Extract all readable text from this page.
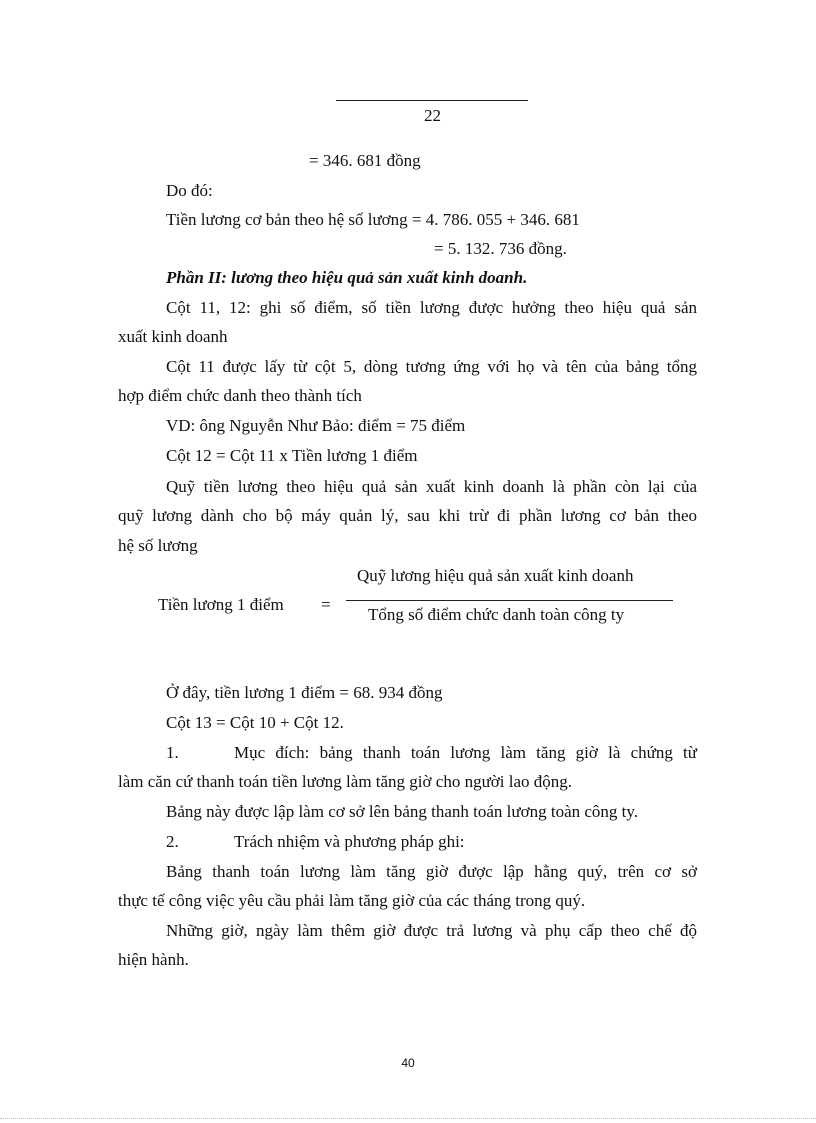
22
= 346. 681 đồng
Do đó:
Tiền lương cơ bản theo hệ số lương = 4. 786. 055 + 346. 681
= 5. 132. 736 đồng.
Phần II: lương theo hiệu quả sản xuất kinh doanh.
Cột 11, 12: ghi số điểm, số tiền lương được hưởng theo hiệu quả sản
xuất kinh doanh
Cột 11 được lấy từ cột 5, dòng tương ứng với họ và tên của bảng tổng
hợp điểm chức danh theo thành tích
VD: ông Nguyễn Như Bảo: điểm = 75 điểm
Cột 12 = Cột 11 x Tiền lương 1 điểm
Quỹ tiền lương theo hiệu quả sản xuất kinh doanh là phần còn lại của
quỹ lương dành cho bộ máy quản lý, sau khi trừ đi phần lương cơ bản theo
hệ số lương
Quỹ lương hiệu quả sản xuất kinh doanh
Tiền lương 1 điểm =
Tổng số điểm chức danh toàn công ty
Ở đây, tiền lương 1 điểm = 68. 934 đồng
Cột 13 = Cột 10 + Cột 12.
1.	Mục đích: bảng thanh toán lương làm tăng giờ là chứng từ
làm căn cứ thanh toán tiền lương làm tăng giờ cho người lao động.
Bảng này được lập làm cơ sở lên bảng thanh toán lương toàn công ty.
2.	Trách nhiệm và phương pháp ghi:
Bảng thanh toán lương làm tăng giờ được lập hằng quý, trên cơ sở
thực tế công việc yêu cầu phải làm tăng giờ của các tháng trong quý.
Những giờ, ngày làm thêm giờ được trả lương và phụ cấp theo chế độ
hiện hành.
40
